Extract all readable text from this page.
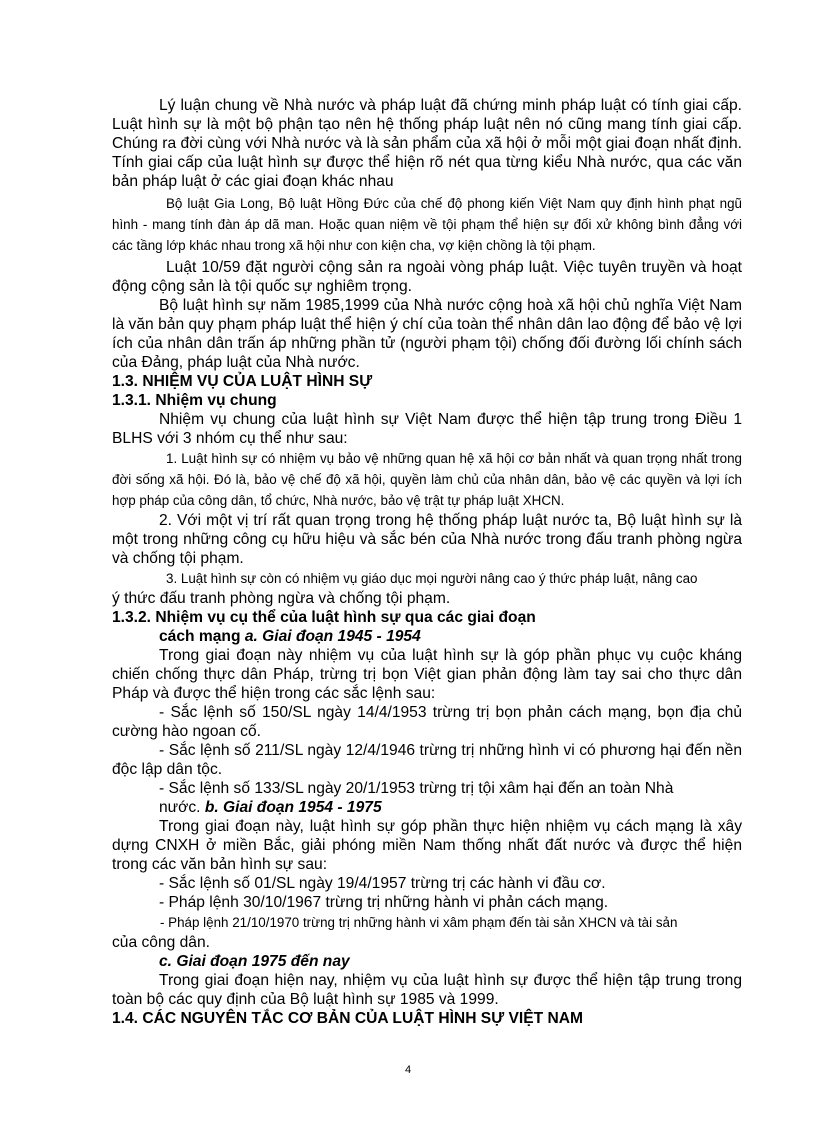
Lý luận chung về Nhà nước và pháp luật đã chứng minh pháp luật có tính giai cấp. Luật hình sự là một bộ phận tạo nên hệ thống pháp luật nên nó cũng mang tính giai cấp. Chúng ra đời cùng với Nhà nước và là sản phẩm của xã hội ở mỗi một giai đoạn nhất định. Tính giai cấp của luật hình sự được thể hiện rõ nét qua từng kiểu Nhà nước, qua các văn bản pháp luật ở các giai đoạn khác nhau

Bộ luật Gia Long, Bộ luật Hồng Đức của chế độ phong kiến Việt Nam quy định hình phạt ngũ hình - mang tính đàn áp dã man. Hoặc quan niệm về tội phạm thể hiện sự đối xử không bình đẳng với các tầng lớp khác nhau trong xã hội như con kiện cha, vợ kiện chồng là tội phạm.

Luật 10/59 đặt người cộng sản ra ngoài vòng pháp luật. Việc tuyên truyền và hoạt động cộng sản là tội quốc sự nghiêm trọng.

Bộ luật hình sự năm 1985,1999 của Nhà nước cộng hoà xã hội chủ nghĩa Việt Nam là văn bản quy phạm pháp luật thể hiện ý chí của toàn thể nhân dân lao động để bảo vệ lợi ích của nhân dân trấn áp những phần tử (người phạm tội) chống đối đường lối chính sách của Đảng, pháp luật của Nhà nước.

1.3. NHIỆM VỤ CỦA LUẬT HÌNH SỰ

1.3.1. Nhiệm vụ chung

Nhiệm vụ chung của luật hình sự Việt Nam được thể hiện tập trung trong Điều 1 BLHS với 3 nhóm cụ thể như sau:

1. Luật hình sự có nhiệm vụ bảo vệ những quan hệ xã hội cơ bản nhất và quan trọng nhất trong đời sống xã hội. Đó là, bảo vệ chế độ xã hội, quyền làm chủ của nhân dân, bảo vệ các quyền và lợi ích hợp pháp của công dân, tổ chức, Nhà nước, bảo vệ trật tự pháp luật XHCN.

2. Với một vị trí rất quan trọng trong hệ thống pháp luật nước ta, Bộ luật hình sự là một trong những công cụ hữu hiệu và sắc bén của Nhà nước trong đấu tranh phòng ngừa và chống tội phạm.

3. Luật hình sự còn có nhiệm vụ giáo dục mọi người nâng cao ý thức pháp luật, nâng cao

ý thức đấu tranh phòng ngừa và chống tội phạm.

1.3.2. Nhiệm vụ cụ thể của luật hình sự qua các giai đoạn

cách mạng a. Giai đoạn 1945 - 1954

Trong giai đoạn này nhiệm vụ của luật hình sự là góp phần phục vụ cuộc kháng chiến chống thực dân Pháp, trừng trị bọn Việt gian phản động làm tay sai cho thực dân Pháp và được thể hiện trong các sắc lệnh sau:

- Sắc lệnh số 150/SL ngày 14/4/1953 trừng trị bọn phản cách mạng, bọn địa chủ cường hào ngoan cố.

- Sắc lệnh số 211/SL ngày 12/4/1946 trừng trị những hình vi có phương hại đến nền độc lập dân tộc.

- Sắc lệnh số 133/SL ngày 20/1/1953 trừng trị tội xâm hại đến an toàn Nhà

nước. b. Giai đoạn 1954 - 1975

Trong giai đoạn này, luật hình sự góp phần thực hiện nhiệm vụ cách mạng là xây dựng CNXH ở miền Bắc, giải phóng miền Nam thống nhất đất nước và được thể hiện trong các văn bản hình sự sau:

- Sắc lệnh số 01/SL ngày 19/4/1957 trừng trị các hành vi đầu cơ.

- Pháp lệnh 30/10/1967 trừng trị những hành vi phản cách mạng.

- Pháp lệnh 21/10/1970 trừng trị những hành vi xâm phạm đến tài sản XHCN và tài sản

của công dân.

c. Giai đoạn 1975 đến nay

Trong giai đoạn hiện nay, nhiệm vụ của luật hình sự được thể hiện tập trung trong toàn bộ các quy định của Bộ luật hình sự 1985 và 1999.

1.4. CÁC NGUYÊN TẮC CƠ BẢN CỦA LUẬT HÌNH SỰ VIỆT NAM

4
